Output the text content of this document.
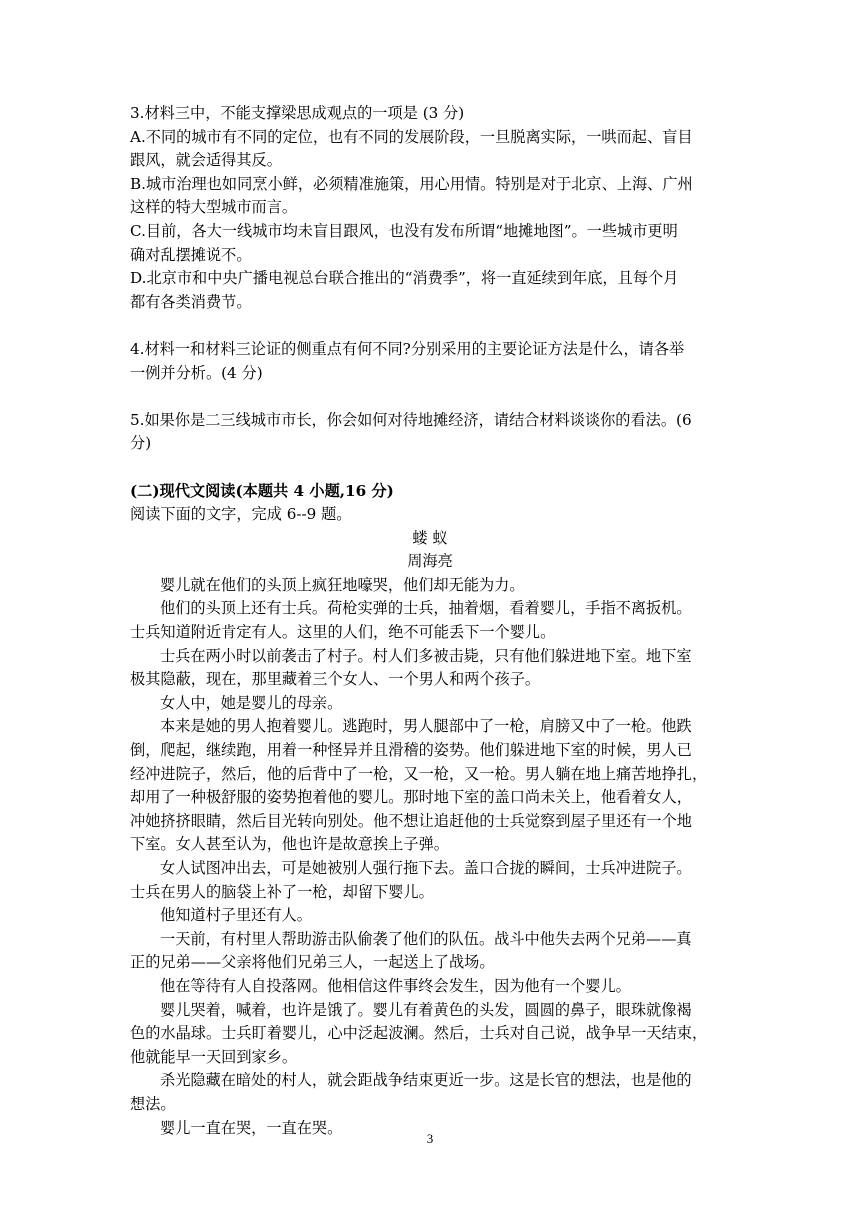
3.材料三中，不能支撑梁思成观点的一项是 (3 分)
A.不同的城市有不同的定位，也有不同的发展阶段，一旦脱离实际，一哄而起、盲目
跟风，就会适得其反。
B.城市治理也如同烹小鲜，必须精准施策，用心用情。特别是对于北京、上海、广州
这样的特大型城市而言。
C.目前，各大一线城市均未盲目跟风，也没有发布所谓“地摊地图”。一些城市更明
确对乱摆摊说不。
D.北京市和中央广播电视总台联合推出的“消费季”，将一直延续到年底，且每个月
都有各类消费节。
4.材料一和材料三论证的侧重点有何不同?分别采用的主要论证方法是什么，请各举
一例并分析。(4 分)
5.如果你是二三线城市市长，你会如何对待地摊经济，请结合材料谈谈你的看法。(6
分)
(二)现代文阅读(本题共 4 小题,16 分)
阅读下面的文字，完成 6--9 题。
蝼 蚁
周海亮
婴儿就在他们的头顶上疯狂地嚎哭，他们却无能为力。
他们的头顶上还有士兵。荷枪实弹的士兵，抽着烟，看着婴儿，手指不离扳机。
士兵知道附近肯定有人。这里的人们，绝不可能丢下一个婴儿。
士兵在两小时以前袭击了村子。村人们多被击毙，只有他们躲进地下室。地下室
极其隐蔽，现在，那里藏着三个女人、一个男人和两个孩子。
女人中，她是婴儿的母亲。
本来是她的男人抱着婴儿。逃跑时，男人腿部中了一枪，肩膀又中了一枪。他跌
倒，爬起，继续跑，用着一种怪异并且滑稽的姿势。他们躲进地下室的时候，男人已
经冲进院子，然后，他的后背中了一枪，又一枪，又一枪。男人躺在地上痛苦地挣扎，
却用了一种极舒服的姿势抱着他的婴儿。那时地下室的盖口尚未关上，他看着女人，
冲她挤挤眼睛，然后目光转向别处。他不想让追赶他的士兵觉察到屋子里还有一个地
下室。女人甚至认为，他也许是故意挨上子弹。
女人试图冲出去，可是她被别人强行拖下去。盖口合拢的瞬间，士兵冲进院子。
士兵在男人的脑袋上补了一枪，却留下婴儿。
他知道村子里还有人。
一天前，有村里人帮助游击队偷袭了他们的队伍。战斗中他失去两个兄弟——真
正的兄弟——父亲将他们兄弟三人，一起送上了战场。
他在等待有人自投落网。他相信这件事终会发生，因为他有一个婴儿。
婴儿哭着，喊着，也许是饿了。婴儿有着黄色的头发，圆圆的鼻子，眼珠就像褐
色的水晶球。士兵盯着婴儿，心中泛起波澜。然后，士兵对自己说，战争早一天结束，
他就能早一天回到家乡。
杀光隐藏在暗处的村人，就会距战争结束更近一步。这是长官的想法，也是他的
想法。
婴儿一直在哭，一直在哭。
3
